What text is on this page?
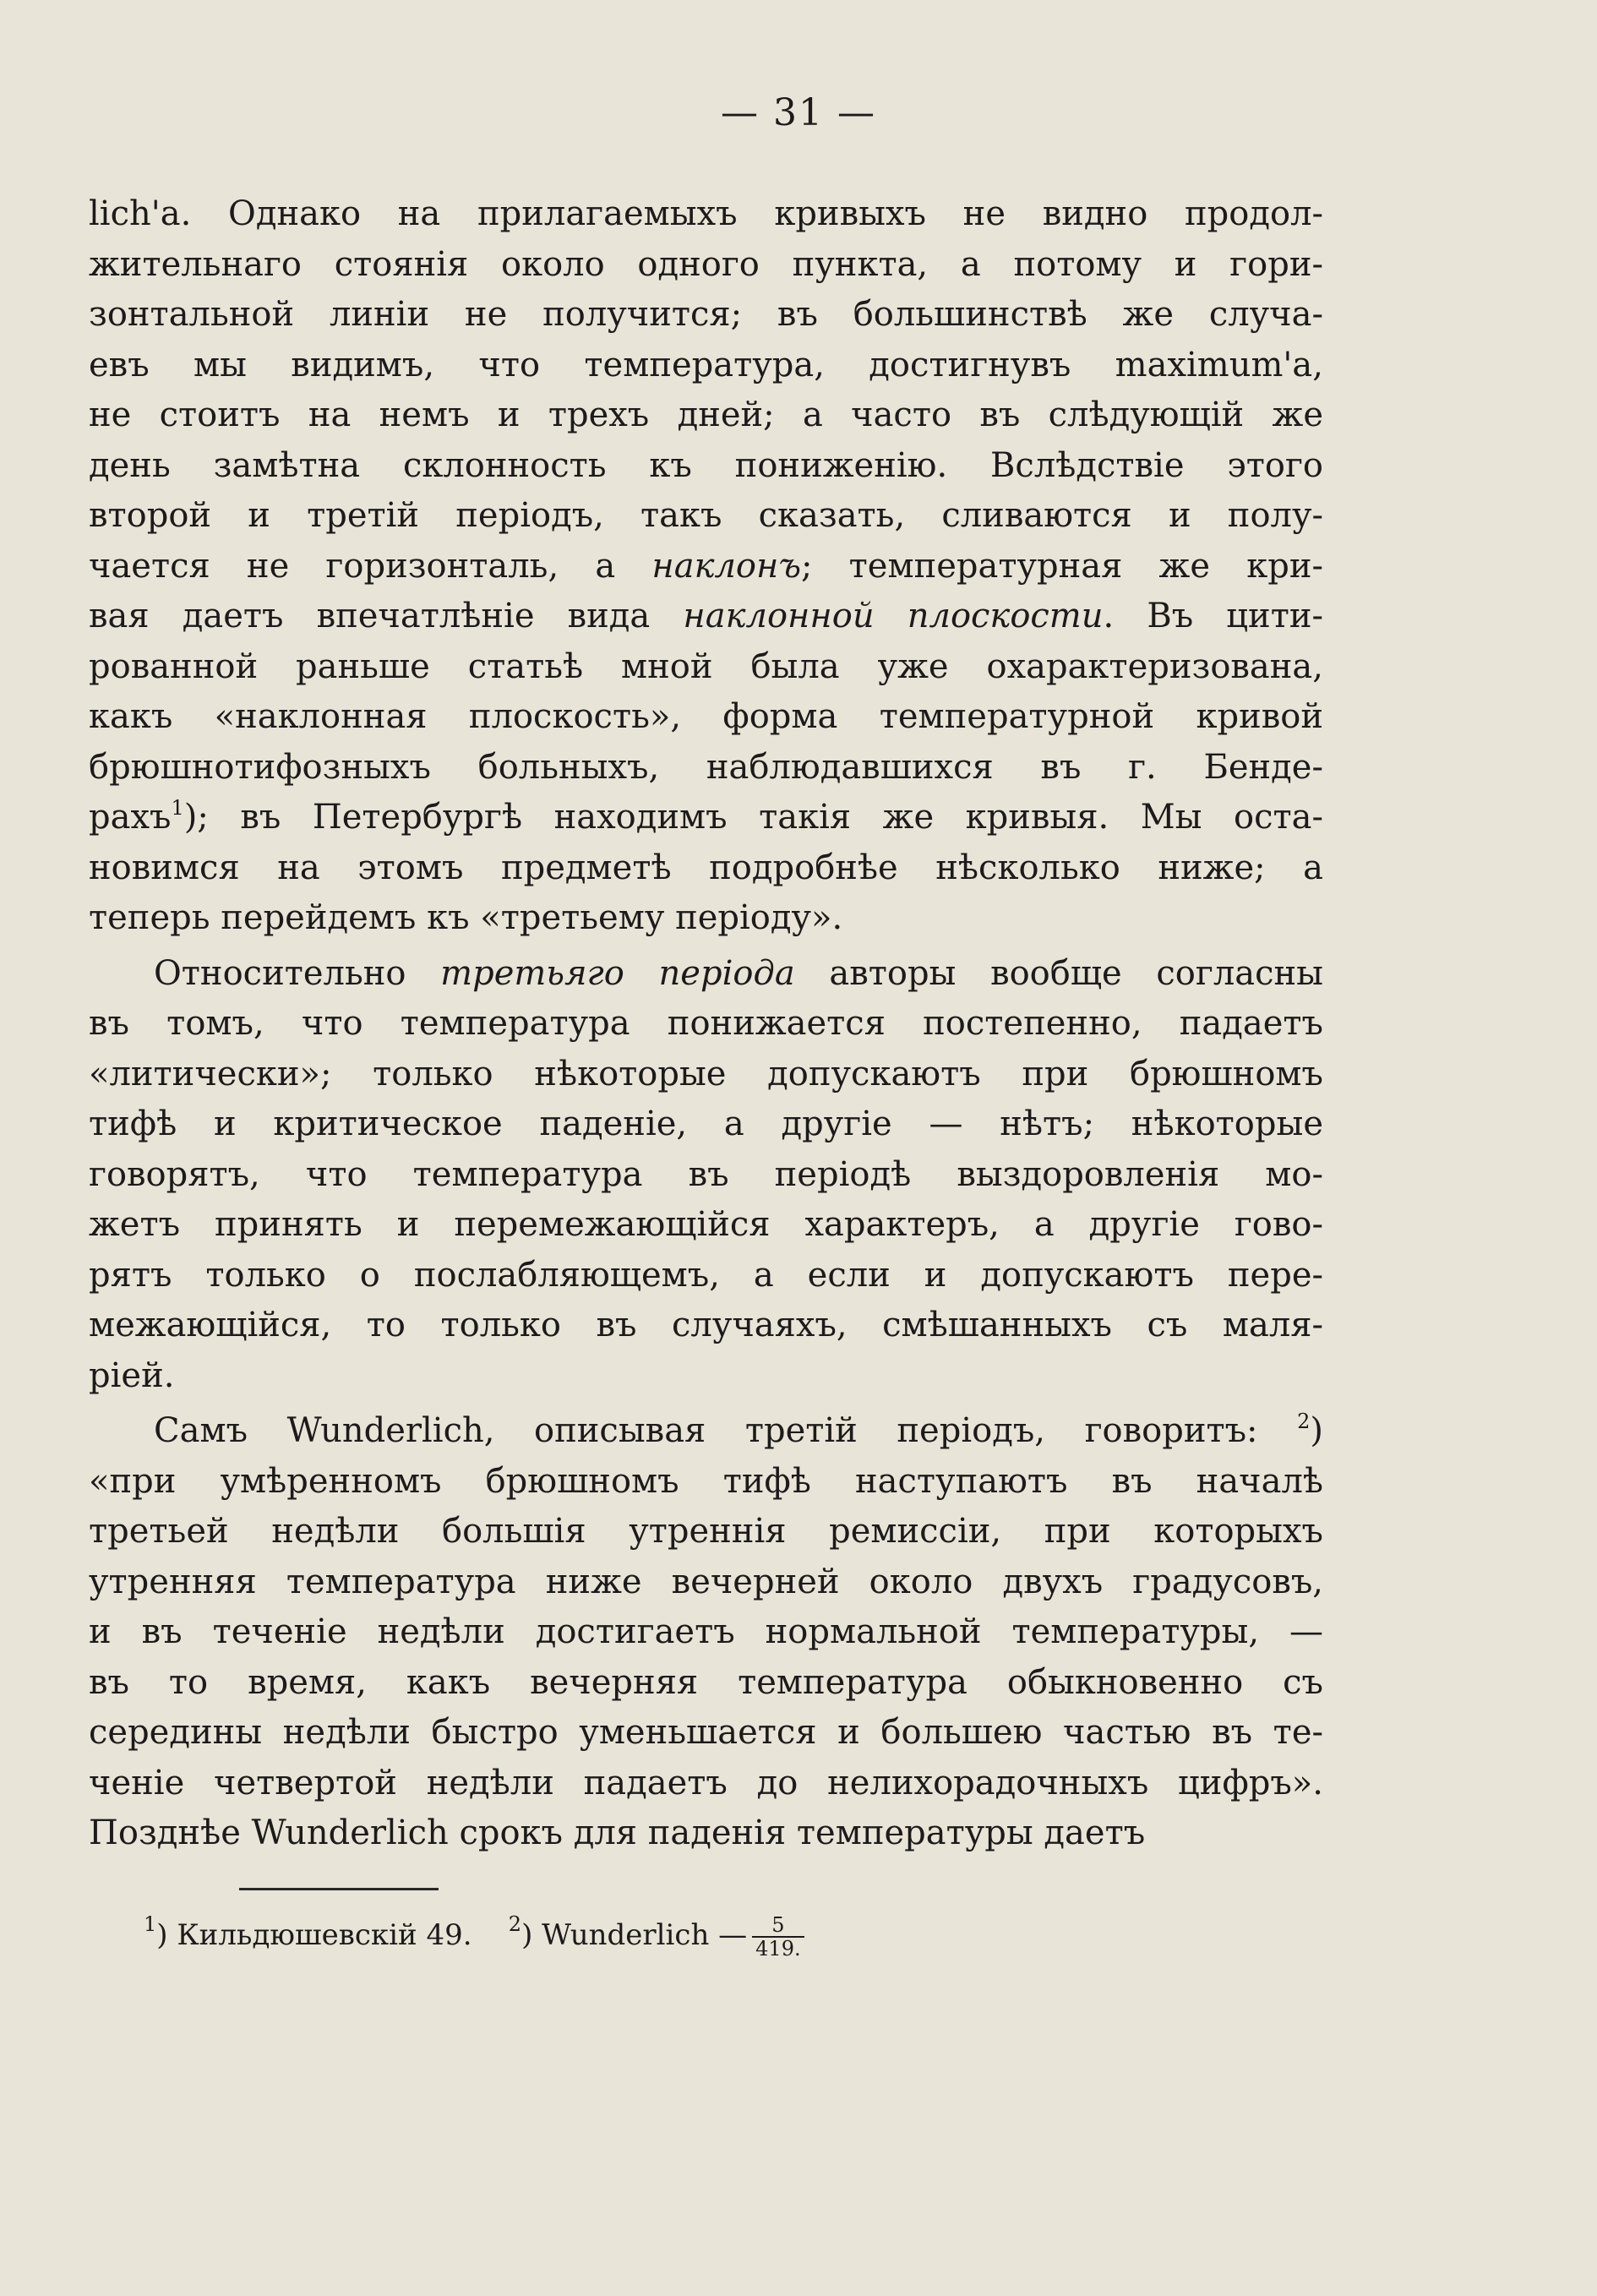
— 31 —
lich'a. Однако на прилагаемыхъ кривыхъ не видно продол-
жительнаго стоянія около одного пункта, а потому и гори-
зонтальной линіи не получится; въ большинствѣ же случа-
евъ мы видимъ, что температура, достигнувъ maximum'a,
не стоитъ на немъ и трехъ дней; а часто въ слѣдующій же
день замѣтна склонность къ пониженію. Вслѣдствіе этого
второй и третій періодъ, такъ сказать, сливаются и полу-
чается не горизонталь, а наклонъ; температурная же кри-
вая даетъ впечатлѣніе вида наклонной плоскости. Въ цити-
рованной раньше статьѣ мной была уже охарактеризована,
какъ «наклонная плоскость», форма температурной кривой
брюшнотифозныхъ больныхъ, наблюдавшихся въ г. Бенде-
рахъ$^1$); въ Петербургѣ находимъ такія же кривыя. Мы оста-
новимся на этомъ предметѣ подробнѣе нѣсколько ниже; а
теперь перейдемъ къ «третьему періоду».
Относительно третьяго періода авторы вообще согласны
въ томъ, что температура понижается постепенно, падаетъ
«литически»; только нѣкоторые допускаютъ при брюшномъ
тифѣ и критическое паденіе, а другіе — нѣтъ; нѣкоторые
говорятъ, что температура въ періодѣ выздоровленія мо-
жетъ принять и перемежающійся характеръ, а другіе гово-
рятъ только о послабляющемъ, а если и допускаютъ пере-
межающійся, то только въ случаяхъ, смѣшанныхъ съ маля-
ріей.
Самъ Wunderlich, описывая третій періодъ, говоритъ: $^2$)
«при умѣренномъ брюшномъ тифѣ наступаютъ въ началѣ
третьей недѣли большія утреннія ремиссіи, при которыхъ
утренняя температура ниже вечерней около двухъ градусовъ,
и въ теченіе недѣли достигаетъ нормальной температуры, —
въ то время, какъ вечерняя температура обыкновенно съ
середины недѣли быстро уменьшается и большею частью въ те-
ченіе четвертой недѣли падаетъ до нелихорадочныхъ цифръ».
Позднѣе Wunderlich срокъ для паденія температуры даетъ
$^1$) Кильдюшевскій 49. $^2$) Wunderlich — $\frac{5}{419.}$
